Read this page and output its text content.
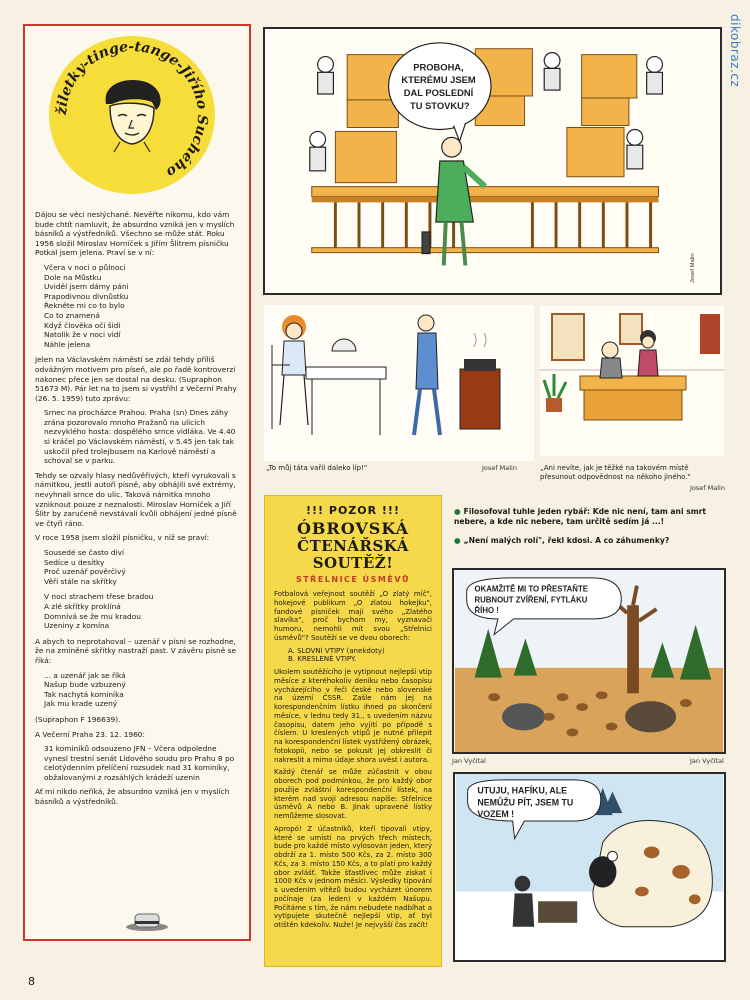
dikobraz.cz
žiletky-tinge-tange-Jiřího Suchého

Dájou se věci neslýchané. Nevěřte nikomu, kdo vám bude chtít namluvit, že absurdno vzniká jen v myslích básníků a výstředníků. Všechno se může stát. Roku 1956 složil Miroslav Horníček s Jiřím Šlitrem písničku Potkal jsem jelena. Praví se v ní:

Včera v noci o půlnoci
Dole na Můstku
Uviděl jsem dámy páni
Prapodivnou divnůstku
Řekněte mi co to bylo
Co to znamená
Když člověka oči šidí
Natolik že v noci vidí
Náhle jelena

Jelen na Václavském náměstí se zdál tehdy příliš odvážným motivem pro píseň, ale po řadě kontroverzí nakonec přece jen se dostal na desku. (Supraphon 51673 M). Pár let na to jsem si vystřihl z Večerní Prahy (26. 5. 1959) tuto zprávu:

Srnec na procházce Prahou. Praha (sn) Dnes záhy zrána pozorovalo mnoho Pražanů na ulicích nezvyklého hosta: dospělého srnce vidláka. Ve 4.40 si kráčel po Václavském náměstí, v 5.45 jen tak tak uskočil před trolejbusem na Karlově náměstí a schoval se v parku.

Tehdy se ozvaly hlasy nedůvěřivých, kteří vyrukovali s námitkou, jestli autoři písně, aby obhájili své extrémy, nevyhnali srnce do ulic. Taková námitka mnoho vzniknout pouze z neznalosti. Miroslav Horníček a Jiří Šlitr by zaručeně nevstávali kvůli obhájení jedné písně ve čtyři ráno.

V roce 1958 jsem složil písničku, v níž se praví:

Sousedé se často diví
Sedíce u desítky
Proč uzenář pověrčivý
Věří stále na skřítky
V noci strachem třese bradou
A zlé skřítky proklíná
Domnívá se že mu kradou
Uzeniny z komína

A abych to neprotahoval – uzenář v písni se rozhodne, že na zmíněné skřítky nastraží past. V závěru písně se říká:

... a uzenář jak se říká
Našup bude vzbuzený
Tak nachytá kominíka
Jak mu krade uzený

(Supraphon F 196639).

A Večerní Praha 23. 12. 1960:

31 kominíků odsouzeno JFN – Včera odpoledne vynesl trestní senát Lidového soudu pro Prahu 8 po celotýdenním přelíčení rozsudek nad 31 kominíky, obžalovanými z rozsáhlých krádeží uzenin

Ať mi nikdo neříká, že absurdno vzniká jen v myslích básníků a výstředníků.

PROBOHA, KTERÉMU JSEM DAL POSLEDNÍ TU STOVKU?
Josef Malin
„To můj táta vařil daleko líp!"	Josef Malin	„Ani nevíte, jak je těžké na takovém místě přesunout odpovědnost na někoho jiného."
Josef Malin
!!! POZOR !!!
ÓBROVSKÁ
ČTENÁŘSKÁ SOUTĚŽ!
STŘELNICE ÚSMĚVŮ

Fotbalová veřejnost soutěží „O zlatý míč", hokejové publikum „O zlatou hokejku", fandové písniček mají svého „Zlatého slavíka", proč bychom my, vyznavači humoru, nemohli mít svou „Střelnici úsměvů"? Soutěží se ve dvou oborech:

A. SLOVNÍ VTIPY (anekdoty)

B. KRESLENÉ VTIPY.

Ukolem soutěžícího je vytipnout nejlepší vtip měsíce z kteréhokoliv deníku nebo časopisu vycházejícího v řeči české nebo slovenské na území ČSSR. Zašle nám jej na korespondenčním lístku ihned po skončení měsíce, v lednu tedy 31., s uvedením názvu časopisu, datem jeho vyjití po případě s číslem. U kreslených vtipů je nutné přilepit na korespondenční lístek vystřižený obrázek, fotokopii, nebo se pokusit jej obkreslit či nakreslit a mimo údaje shora uvést i autora.

Každý čtenář se může zúčastnit v obou oborech pod podmínkou, že pro každý obor použije zvláštní korespondenční lístek, na kterém nad svoji adresou napíše: Střelnice úsměvů A nebo B. Jinak upravené lístky nemůžeme slosovat.

Apropó! Z účastníků, kteří tipovali vtipy, které se umístí na prvých třech místech, bude pro každé místo vylosován jeden, který obdrží za 1. místo 500 Kčs, za 2. místo 300 Kčs, za 3. místo 150 Kčs, a to platí pro každý obor zvlášť. Takže šťastlivec může získat i 1000 Kčs v jednom měsíci. Výsledky tipování s uvedením vítězů budou vycházet únorem počínaje (za leden) v každém Našupu. Počítáme s tím, že nám nebudete nadbíhat a vytipujete skutečně nejlepší vtip, ať byl otištěn kdekoliv. Nuže! Je nejvyšší čas začít!

● Filosofoval tuhle jeden rybář: Kde nic není, tam ani smrt nebere, a kde nic nebere, tam určitě sedím já ...!

● „Není malých rolí", řekl kdosi. A co záhumenky?

OKAMŽITĚ MI TO PŘESTAŇTE RUBNOUT ZVÍŘENÍ, FYTLÁKU ŘÍHO !
Jan Vyčítal	Jan Vyčítal
UTUJU, HAFÍKU, ALE NEMŮŽU PÍT, JSEM TU VOZEM !
8
